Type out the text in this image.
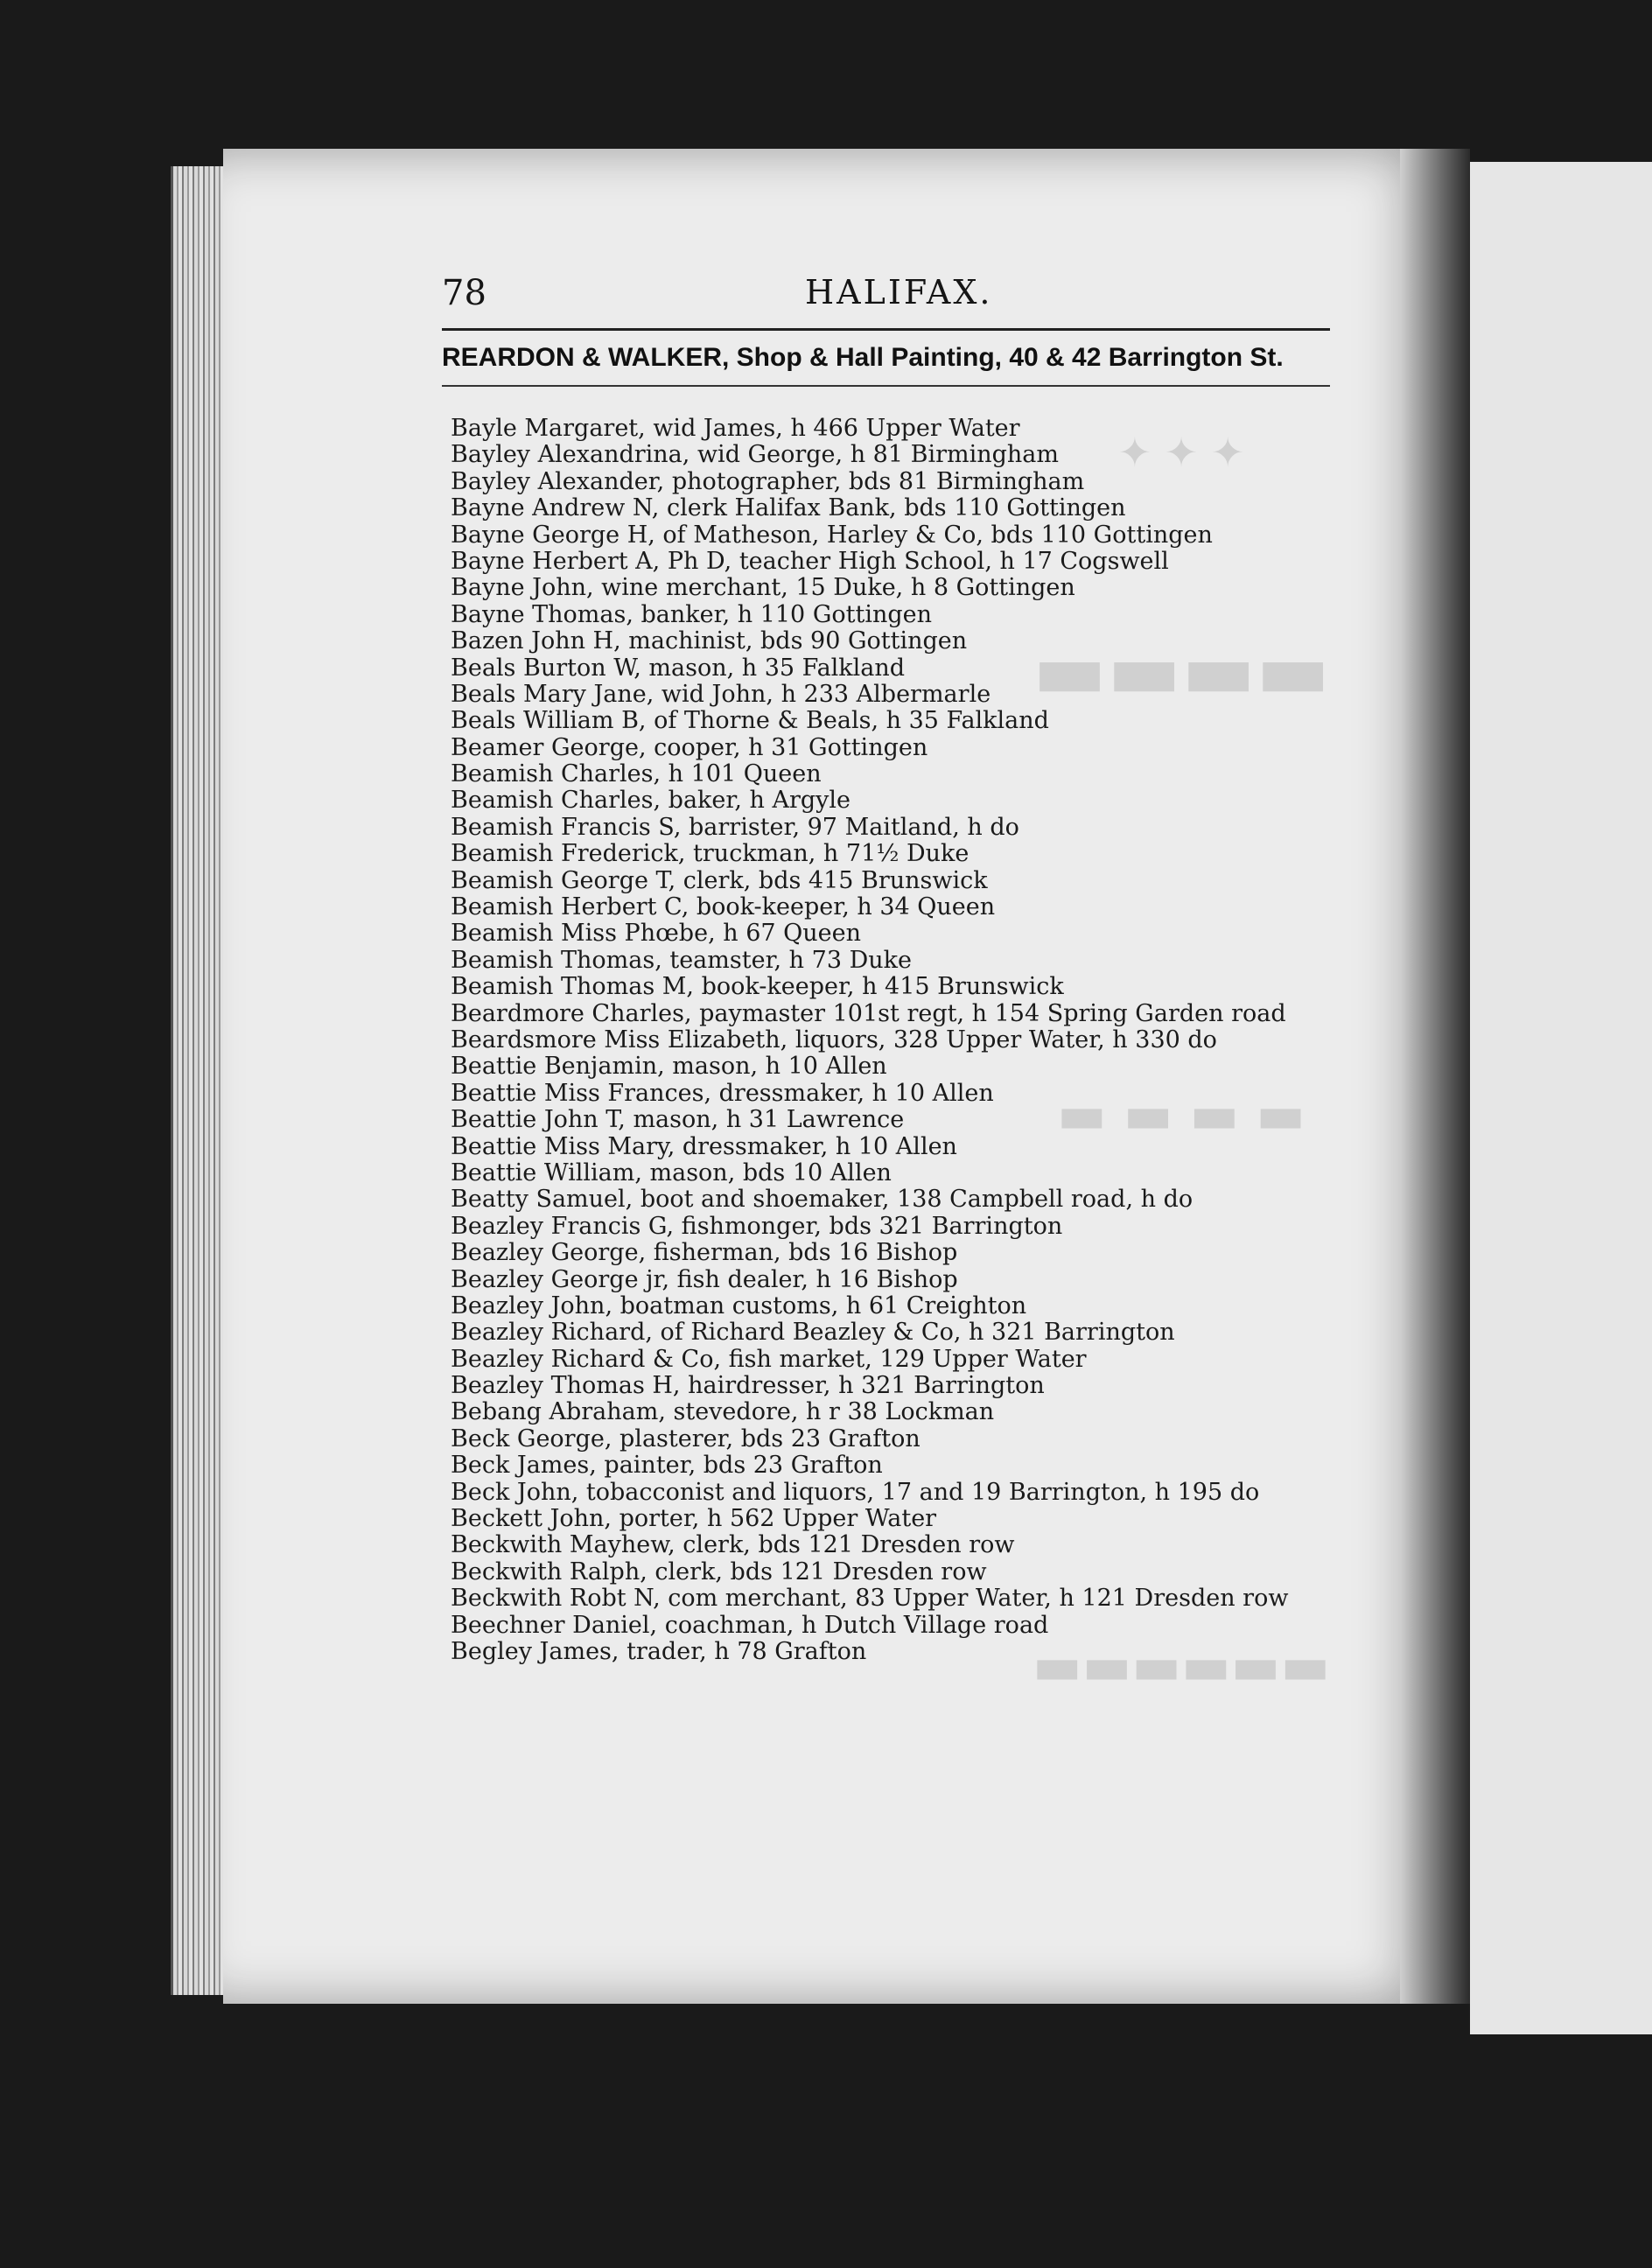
78	HALIFAX.
REARDON & WALKER, Shop & Hall Painting, 40 & 42 Barrington St.
✦ ✦ ✦
▬▬▬▬
▬ ▬ ▬ ▬
▬▬▬▬▬▬
Bayle Margaret, wid James, h 466 Upper Water
Bayley Alexandrina, wid George, h 81 Birmingham
Bayley Alexander, photographer, bds 81 Birmingham
Bayne Andrew N, clerk Halifax Bank, bds 110 Gottingen
Bayne George H, of Matheson, Harley & Co, bds 110 Gottingen
Bayne Herbert A, Ph D, teacher High School, h 17 Cogswell
Bayne John, wine merchant, 15 Duke, h 8 Gottingen
Bayne Thomas, banker, h 110 Gottingen
Bazen John H, machinist, bds 90 Gottingen
Beals Burton W, mason, h 35 Falkland
Beals Mary Jane, wid John, h 233 Albermarle
Beals William B, of Thorne & Beals, h 35 Falkland
Beamer George, cooper, h 31 Gottingen
Beamish Charles, h 101 Queen
Beamish Charles, baker, h Argyle
Beamish Francis S, barrister, 97 Maitland, h do
Beamish Frederick, truckman, h 71½ Duke
Beamish George T, clerk, bds 415 Brunswick
Beamish Herbert C, book-keeper, h 34 Queen
Beamish Miss Phœbe, h 67 Queen
Beamish Thomas, teamster, h 73 Duke
Beamish Thomas M, book-keeper, h 415 Brunswick
Beardmore Charles, paymaster 101st regt, h 154 Spring Garden road
Beardsmore Miss Elizabeth, liquors, 328 Upper Water, h 330 do
Beattie Benjamin, mason, h 10 Allen
Beattie Miss Frances, dressmaker, h 10 Allen
Beattie John T, mason, h 31 Lawrence
Beattie Miss Mary, dressmaker, h 10 Allen
Beattie William, mason, bds 10 Allen
Beatty Samuel, boot and shoemaker, 138 Campbell road, h do
Beazley Francis G, fishmonger, bds 321 Barrington
Beazley George, fisherman, bds 16 Bishop
Beazley George jr, fish dealer, h 16 Bishop
Beazley John, boatman customs, h 61 Creighton
Beazley Richard, of Richard Beazley & Co, h 321 Barrington
Beazley Richard & Co, fish market, 129 Upper Water
Beazley Thomas H, hairdresser, h 321 Barrington
Bebang Abraham, stevedore, h r 38 Lockman
Beck George, plasterer, bds 23 Grafton
Beck James, painter, bds 23 Grafton
Beck John, tobacconist and liquors, 17 and 19 Barrington, h 195 do
Beckett John, porter, h 562 Upper Water
Beckwith Mayhew, clerk, bds 121 Dresden row
Beckwith Ralph, clerk, bds 121 Dresden row
Beckwith Robt N, com merchant, 83 Upper Water, h 121 Dresden row
Beechner Daniel, coachman, h Dutch Village road
Begley James, trader, h 78 Grafton
